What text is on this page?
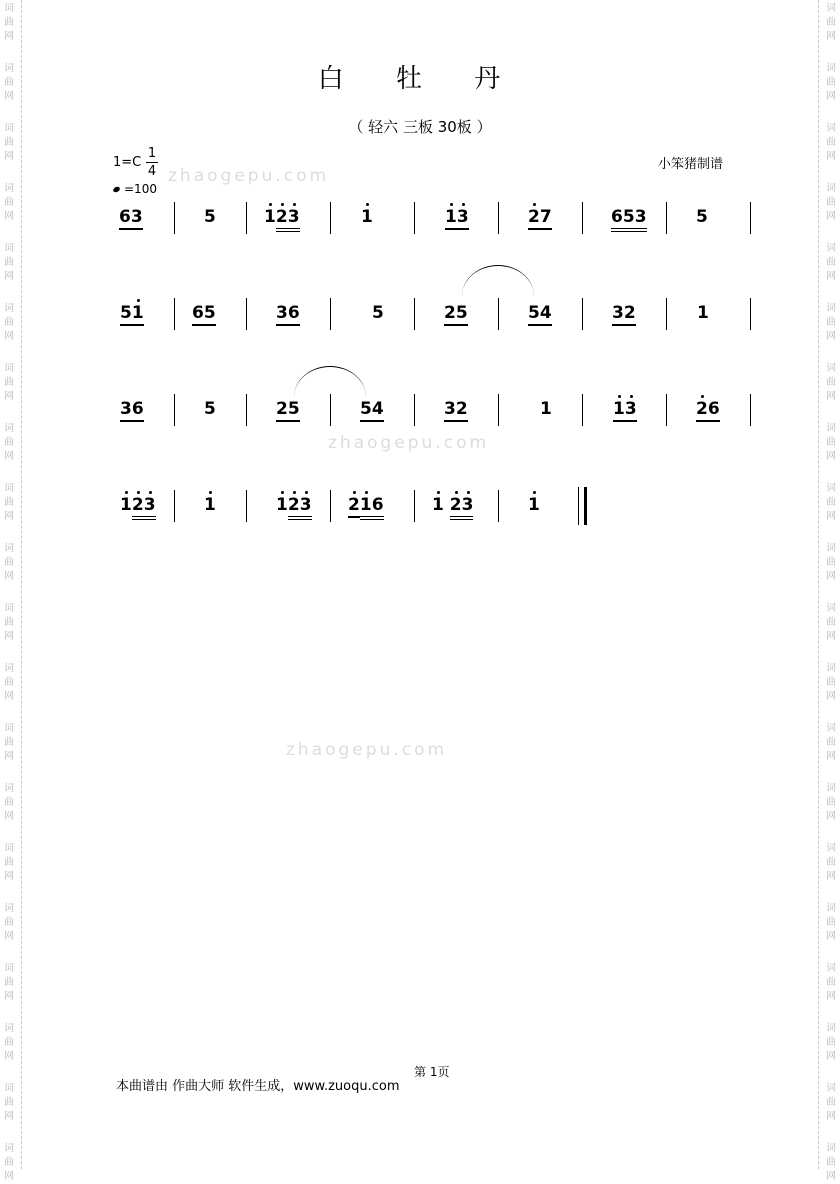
词
曲
网
词
曲
网
词
曲
网
词
曲
网
词
曲
网
词
曲
网
词
曲
网
词
曲
网
词
曲
网
词
曲
网
词
曲
网
词
曲
网
词
曲
网
词
曲
网
词
曲
网
词
曲
网
词
曲
网
词
曲
网
词
曲
网
词
曲
网
词
曲
网
词
曲
网
词
曲
网
词
曲
网
词
曲
网
词
曲
网
词
曲
网
词
曲
网
词
曲
网
词
曲
网
词
曲
网
词
曲
网
词
曲
网
词
曲
网
词
曲
网
词
曲
网
词
曲
网
词
曲
网
词
曲
网
词
曲
网
白 牡 丹
（ 轻六 三板 30板 ）
1=C
1
4
=100
小笨猪制谱
zhaogepu.com
zhaogepu.com
zhaogepu.com
63	5	123	1	13	27	653	5
51	65	36	5	25	54	32	1
36	5	25	54	32	1	13	26
123	1	123 216	1 23	1
第 1页
本曲谱由 作曲大师 软件生成，www.zuoqu.com
